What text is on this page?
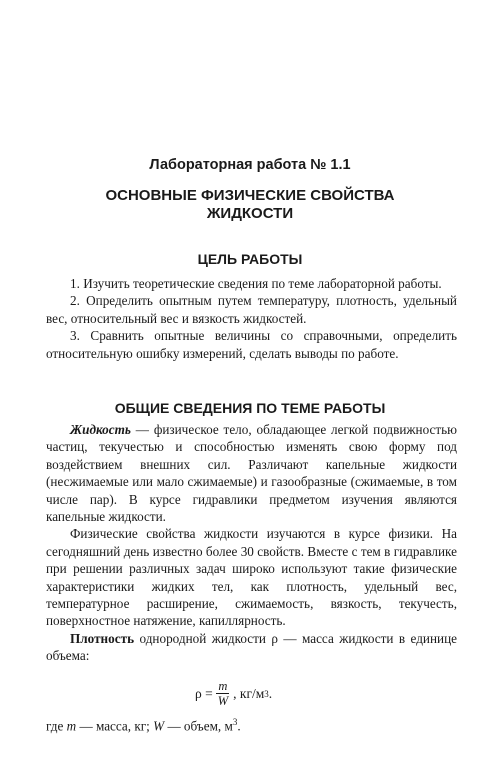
Лабораторная работа № 1.1
ОСНОВНЫЕ ФИЗИЧЕСКИЕ СВОЙСТВА
ЖИДКОСТИ
ЦЕЛЬ РАБОТЫ

1. Изучить теоретические сведения по теме лабораторной работы.

2. Определить опытным путем температуру, плотность, удельный вес, относительный вес и вязкость жидкостей.

3. Сравнить опытные величины со справочными, определить относительную ошибку измерений, сделать выводы по работе.

ОБЩИЕ СВЕДЕНИЯ ПО ТЕМЕ РАБОТЫ

Жидкость — физическое тело, обладающее легкой подвижностью частиц, текучестью и способностью изменять свою форму под воздействием внешних сил. Различают капельные жидкости (несжимаемые или мало сжимаемые) и газообразные (сжимаемые, в том числе пар). В курсе гидравлики предметом изучения являются капельные жидкости.

Физические свойства жидкости изучаются в курсе физики. На сегодняшний день известно более 30 свойств. Вместе с тем в гидравлике при решении различных задач широко используют такие физические характеристики жидких тел, как плотность, удельный вес, температурное расширение, сжимаемость, вязкость, текучесть, поверхностное натяжение, капиллярность.

Плотность однородной жидкости ρ — масса жидкости в единице объема:

$\rho = \frac{m}{W}$ , кг/м 3 .
где m — масса, кг; W — объем, $м^3$.
